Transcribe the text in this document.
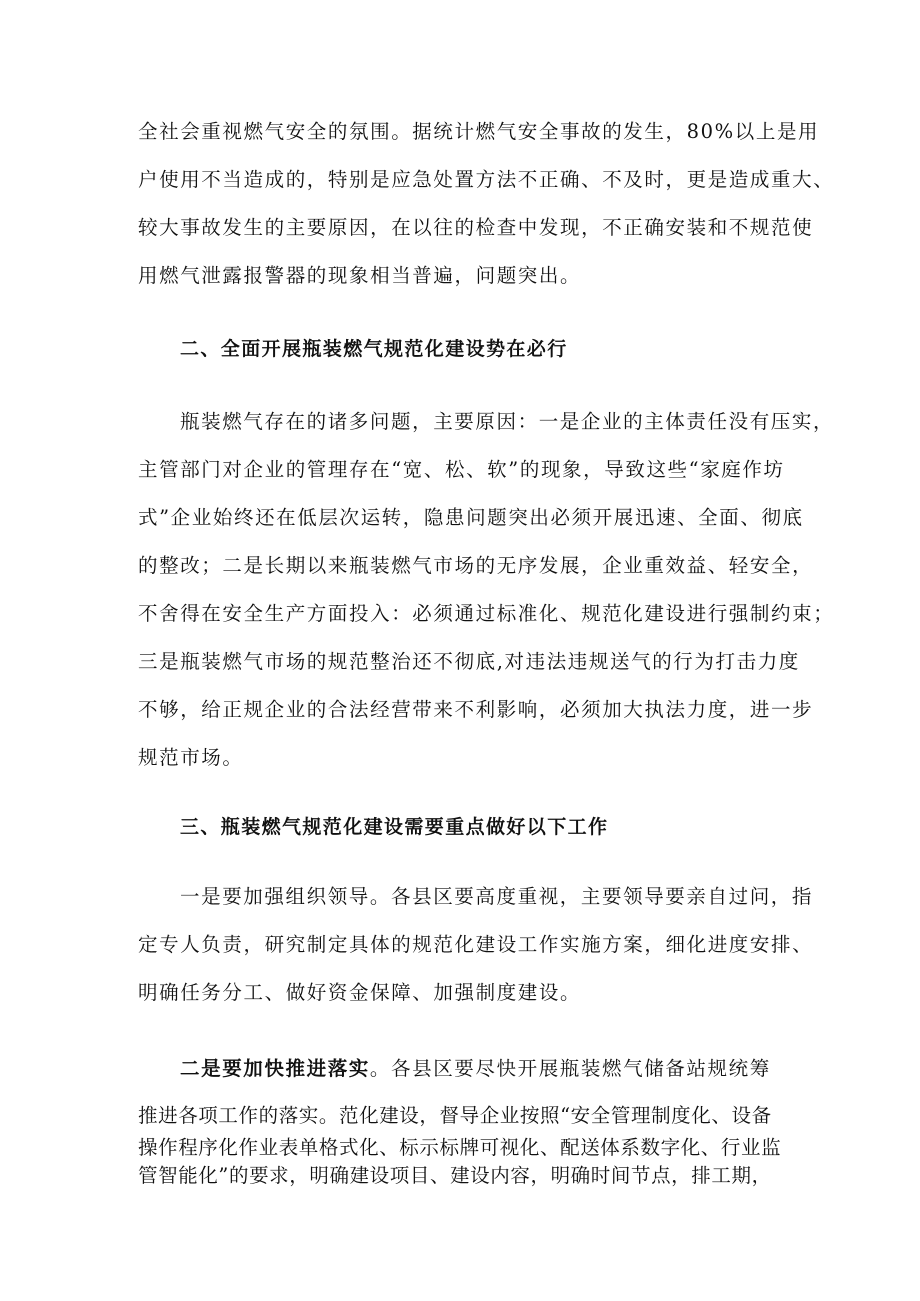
全社会重视燃气安全的氛围。据统计燃气安全事故的发生，80%以上是用
户使用不当造成的，特别是应急处置方法不正确、不及时，更是造成重大、
较大事故发生的主要原因，在以往的检查中发现，不正确安装和不规范使
用燃气泄露报警器的现象相当普遍，问题突出。
二、全面开展瓶装燃气规范化建设势在必行
瓶装燃气存在的诸多问题，主要原因：一是企业的主体责任没有压实，
主管部门对企业的管理存在“宽、松、软”的现象，导致这些“家庭作坊
式”企业始终还在低层次运转，隐患问题突出必须开展迅速、全面、彻底
的整改；二是长期以来瓶装燃气市场的无序发展，企业重效益、轻安全，
不舍得在安全生产方面投入：必须通过标准化、规范化建设进行强制约束；
三是瓶装燃气市场的规范整治还不彻底,对违法违规送气的行为打击力度
不够，给正规企业的合法经营带来不利影响，必须加大执法力度，进一步
规范市场。
三、瓶装燃气规范化建设需要重点做好以下工作
一是要加强组织领导。各县区要高度重视，主要领导要亲自过问，指
定专人负责，研究制定具体的规范化建设工作实施方案，细化进度安排、
明确任务分工、做好资金保障、加强制度建设。
二是要加快推进落实。各县区要尽快开展瓶装燃气储备站规统筹
推进各项工作的落实。范化建设，督导企业按照“安全管理制度化、设备
操作程序化作业表单格式化、标示标牌可视化、配送体系数字化、行业监
管智能化”的要求，明确建设项目、建设内容，明确时间节点，排工期，
